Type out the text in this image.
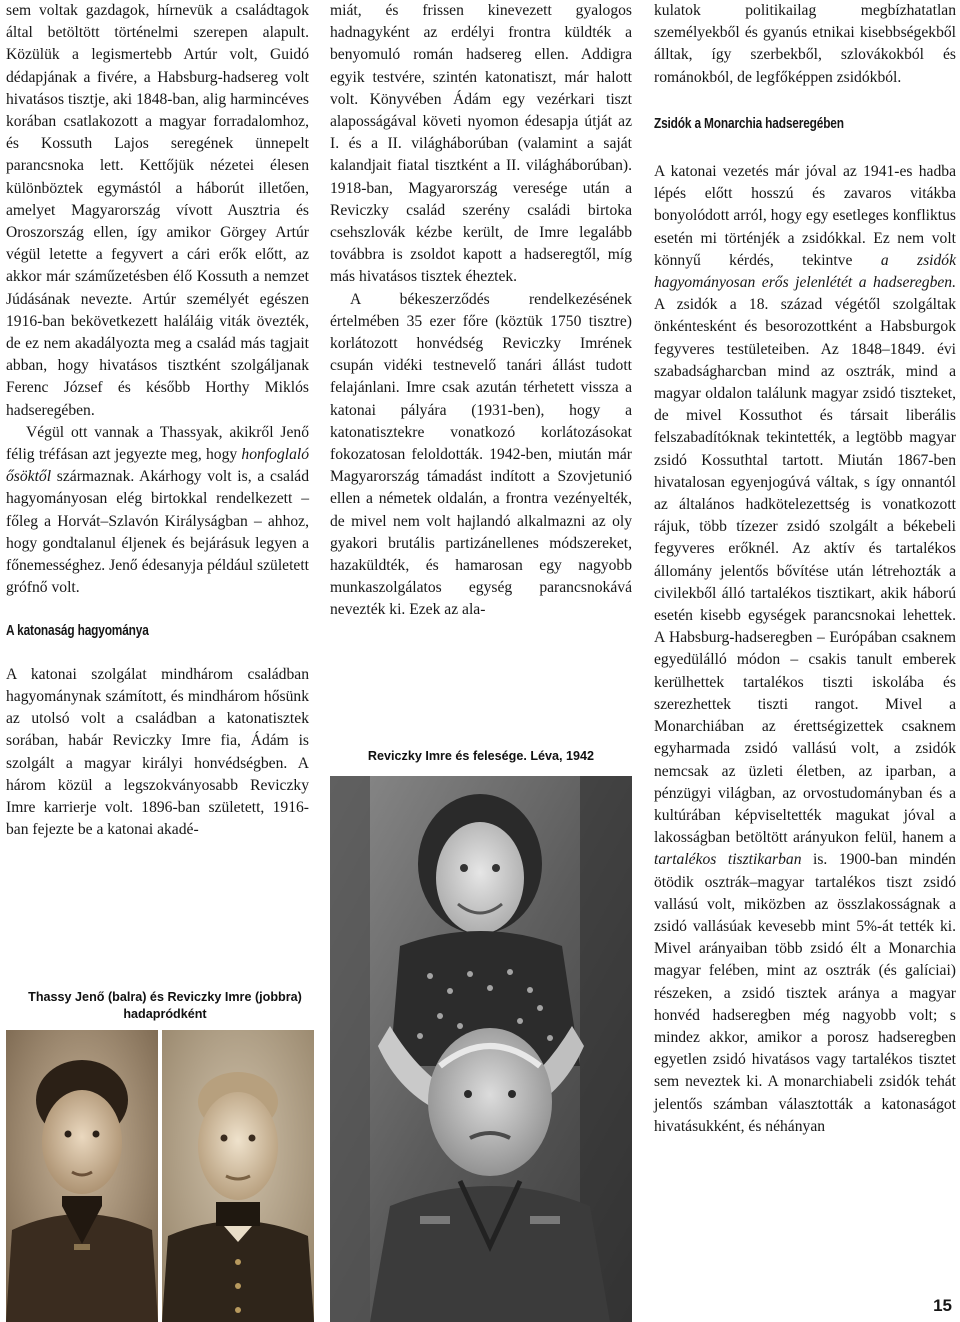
sem voltak gazdagok, hírnevük a családtagok által betöltött történelmi szerepen alapult. Közülük a legismertebb Artúr volt, Guidó dédapjának a fivére, a Habsburg-hadsereg volt hivatásos tisztje, aki 1848-ban, alig harmincéves korában csatlakozott a magyar forradalomhoz, és Kossuth Lajos seregének ünnepelt parancsnoka lett. Kettőjük nézetei élesen különböztek egymástól a háborút illetően, amelyet Magyarország vívott Ausztria és Oroszország ellen, így amikor Görgey Artúr végül letette a fegyvert a cári erők előtt, az akkor már száműzetésben élő Kossuth a nemzet Júdásának nevezte. Artúr személyét egészen 1916-ban bekövetkezett haláláig viták övezték, de ez nem akadályozta meg a család más tagjait abban, hogy hivatásos tisztként szolgáljanak Ferenc József és később Horthy Miklós hadseregében.

Végül ott vannak a Thassyak, akikről Jenő félig tréfásan azt jegyezte meg, hogy honfoglaló ősöktől származnak. Akárhogy volt is, a család hagyományosan elég birtokkal rendelkezett – főleg a Horvát–Szlavón Királyságban – ahhoz, hogy gondtalanul éljenek és bejárásuk legyen a főnemességhez. Jenő édesanyja például született grófnő volt.

A katonaság hagyománya

A katonai szolgálat mindhárom családban hagyománynak számított, és mindhárom hősünk az utolsó volt a családban a katonatisztek sorában, habár Reviczky Imre fia, Ádám is szolgált a magyar királyi honvédségben. A három közül a legszokványosabb Reviczky Imre karrierje volt. 1896-ban született, 1916-ban fejezte be a katonai akadé-

miát, és frissen kinevezett gyalogos hadnagyként az erdélyi frontra küldték a benyomuló román hadsereg ellen. Addigra egyik testvére, szintén katonatiszt, már halott volt. Könyvében Ádám egy vezérkari tiszt alaposságával követi nyomon édesapja útját az I. és a II. világháborúban (valamint a saját kalandjait fiatal tisztként a II. világháborúban). 1918-ban, Magyarország veresége után a Reviczky család szerény családi birtoka csehszlovák kézbe került, de Imre legalább továbbra is zsoldot kapott a hadseregtől, míg más hivatásos tisztek éheztek.

A békeszerződés rendelkezésének értelmében 35 ezer főre (köztük 1750 tisztre) korlátozott honvédség Reviczky Imrének csupán vidéki testnevelő tanári állást tudott felajánlani. Imre csak azután térhetett vissza a katonai pályára (1931-ben), hogy a katonatisztekre vonatkozó korlátozásokat fokozatosan feloldották. 1942-ben, miután már Magyarország támadást indított a Szovjetunió ellen a németek oldalán, a frontra vezényelték, de mivel nem volt hajlandó alkalmazni az oly gyakori brutális partizánellenes módszereket, hazaküldték, és hamarosan egy nagyobb munkaszolgálatos egység parancsnokává nevezték ki. Ezek az ala-

kulatok politikailag megbízhatatlan személyekből és gyanús etnikai kisebbségekből álltak, így szerbekből, szlovákokból és románokból, de legfőképpen zsidókból.

Zsidók a Monarchia hadseregében

A katonai vezetés már jóval az 1941-es hadba lépés előtt hosszú és zavaros vitákba bonyolódott arról, hogy egy esetleges konfliktus esetén mi történjék a zsidókkal. Ez nem volt könnyű kérdés, tekintve a zsidók hagyományosan erős jelenlétét a hadseregben. A zsidók a 18. század végétől szolgáltak önkéntesként és besorozottként a Habsburgok fegyveres testületeiben. Az 1848–1849. évi szabadságharcban mind az osztrák, mind a magyar oldalon találunk magyar zsidó tiszteket, de mivel Kossuthot és társait liberális felszabadítóknak tekintették, a legtöbb magyar zsidó Kossuthtal tartott. Miután 1867-ben hivatalosan egyenjogúvá váltak, s így onnantól az általános hadkötelezettség is vonatkozott rájuk, több tízezer zsidó szolgált a békebeli fegyveres erőknél. Az aktív és tartalékos állomány jelentős bővítése után létrehozták a civilekből álló tartalékos tisztikart, akik háború esetén kisebb egységek parancsnokai lehettek. A Habsburg-hadseregben – Európában csaknem egyedülálló módon – csakis tanult emberek kerülhettek tartalékos tiszti iskolába és szerezhettek tiszti rangot. Mivel a Monarchiában az érettségizettek csaknem egyharmada zsidó vallású volt, a zsidók nemcsak az üzleti életben, az iparban, a pénzügyi világban, az orvostudományban és a kultúrában képviseltették magukat jóval a lakosságban betöltött arányukon felül, hanem a tartalékos tisztikarban is. 1900-ban mindén ötödik osztrák–magyar tartalékos tiszt zsidó vallású volt, miközben az összlakosságnak a zsidó vallásúak kevesebb mint 5%-át tették ki. Mivel arányaiban több zsidó élt a Monarchia magyar felében, mint az osztrák (és galíciai) részeken, a zsidó tisztek aránya a magyar honvéd hadseregben még nagyobb volt; s mindez akkor, amikor a porosz hadseregben egyetlen zsidó hivatásos vagy tartalékos tisztet sem neveztek ki. A monarchiabeli zsidók tehát jelentős számban választották a katonaságot hivatásukként, és néhányan

Reviczky Imre és felesége. Léva, 1942
Thassy Jenő (balra) és Reviczky Imre (jobbra) hadapródként
15
